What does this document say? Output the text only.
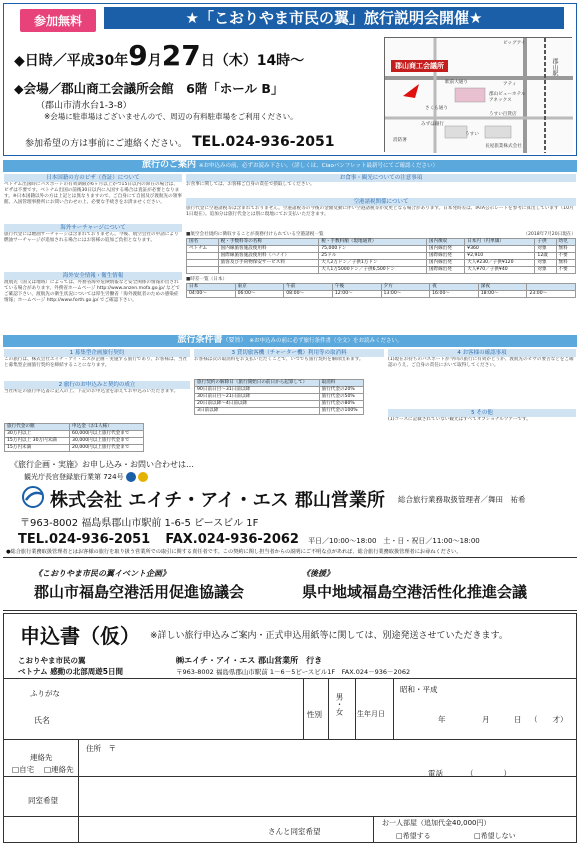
参加無料	★「こおりやま市民の翼」旅行説明会開催★
◆日時／平成30年9月27日（木）14時～
◆会場／郡山商工会議所会館　6階「ホール B」
（郡山市清水台1-3-8）
※会場に駐車場はございませんので、周辺の有料駐車場をご利用ください。
参加希望の方は事前にご連絡ください。 TEL.024-936-2051
郡山商工会議所
ビッグアイ
郡山駅
駅前大通り
さくら通り
みずほ銀行
郡山ビューホテル アネックス
うすい百貨店
消防署
うすい
長屋旅業株式会社
アティ
旅行のご案内 ※お申込みの前、必ずお読み下さい。（詳しくは、Ciaoパンフレット最新号にてご確認ください）
日本国籍の方のビザ（査証）について
ベトナム出国時にパスポートの有効期限が6ヶ月以上かつ15日以内の滞在の場合は、ビザは不要です。ベトナム出国の前後30日以内に入国する場合は査証が必要となります。※日本国籍以外の方は上記とは異なりますので、ご自身にて自国及び渡航先の領事館、入国管理事務所にお問い合わせの上、必要な手続きをお済ませください。
海外サーチャージについて
旅行代金には燃油サーチャージは含まれておりません。今後、航空会社の申請により燃油サーチャージが追加される場合にはお客様の追加ご負担となります。
海外安全情報・衛生情報
渡航先（国又は地域）によっては、外務省海外危険情報など安全関係の情報が出されている場合があります。外務省ホームページ http://www.anzen.mofa.go.jp/ などでご確認下さい。渡航先の衛生状況については厚生労働省「海外渡航者のための感染症情報」ホームページ http://www.forth.go.jp/ でご確認下さい。
お食事・観光についての注意事項
お食事に関しては、お客様ご自身の責任で摂取してください。
空港諸税関係について
旅行代金に空港諸税等は含まれておりません。空港諸税等の今後の金額変動に伴い空港諸税等が変更となる場合があります。日本発時差は、IATA公示レートを参考に算出しています（10月1日現在）。追加分は旅行代金とは別に現地にてお支払いただきます。
■航空会社規約に徴収することが義務付けられている空港諸税一覧	（2018年7月20日現在）
国名	税・手数料等の名称	税・手数料額（現地通貨）	国内徴収	日本円（円単価）	子供	幼児
ベトナム	国内線旅客施設使用料	75,000ドン	国内線出発	¥360	対象	無料
	国際線旅客施設使用料（ハノイ）	25ドル	国際線出発	¥2,910	12歳	不要
	旅客及び手荷物保安サービス料	大人2万ドン／子供1万ドン	国内線出発	大人¥230／子供¥120	対象	無料
		大人1万5000ドン／子供6,500ドン	国際線出発	大人¥70／子供¥40	対象	不要
■時差一覧（日本）
日本	東京	午前	午後	夕方	夜	深夜	
04:00～	06:00～	08:00～	12:00～	13:00～	16:00～	18:00～	23:00～
旅行条件書（要旨） ※お申込みの前に必ず旅行条件書（全文）をお読みください。
1 募集型企画旅行契約
この旅行は、株式会社エイチ・アイ・エスが企画・実施する旅行であり、お客様は、当社と募集型企画旅行契約を締結することになります。
2 旅行のお申込みと契約の成立
当社所定の旅行申込書に記入の上、下記のお申込金を添えてお申込みいただきます。
旅行代金の額	申込金（お1人様）
30万円以上	60,000円以上旅行代金まで
15万円以上 30万円未満	30,000円以上旅行代金まで
15万円未満	20,000円以上旅行代金まで
3 貸切旅客機（チャーター機）利用等の取消料
お客様は次の取消料をお支払いただくことで、いつでも旅行契約を解除出来ます。
旅行契約の解除日（旅行開始日の前日から起算して）	取消料
90日前日目～31日前以降	旅行代金の20%
30日前日目～21日前以降	旅行代金の50%
20日前以降～4日前以降	旅行代金の80%
3日前以降	旅行代金の100%
4 お客様の確認事項
(1)現在お持ちのパスポートが今回の旅行に有効かどうか、渡航先のビザの要否などをご確認のうえ、ご自身の責任において取得してください。
5 その他
(1)コースに記載されていない観光はすべてオプショナルツアーです。
《旅行企画・実施》お申し込み・お問い合わせは…
観光庁長官登録旅行業第 724号
株式会社 エイチ・アイ・エス 郡山営業所 総合旅行業務取扱管理者／舞田　祐希
〒963-8002 福島県郡山市駅前 1-6-5 ピースビル 1F
TEL.024-936-2051 FAX.024-936-2062 平日／10:00～18:00　土・日・祝日／11:00～18:00
●総合旅行業務取扱管理者とはお客様の旅行を取り扱う営業所での取引に関する責任者です。この契約に関し担当者からの説明にご不明な点があれば、総合旅行業務取扱管理者にお尋ねください。
《こおりやま市民の翼イベント企画》
郡山市福島空港活用促進協議会
《後援》
県中地域福島空港活性化推進会議
申込書（仮） ※詳しい旅行申込みご案内・正式申込用紙等に関しては、別途発送させていただきます。
こおりやま市民の翼
ベトナム 感動の北部周遊5日間
㈱エイチ・アイ・エス 郡山営業所　行き
〒963-8002 福島県郡山市駅前 1－6－5ピースビル1F　FAX.024－936－2062
ふりがな
氏名
性別	男・女 生年月日
昭和・平成
年	月	日 （　　才）
住所　〒
連絡先
□自宅 □連絡先	電話	（　　　　）
同室希望
さんと同室希望
お一人部屋（追加代金40,000円）
□希望する	□希望しない
